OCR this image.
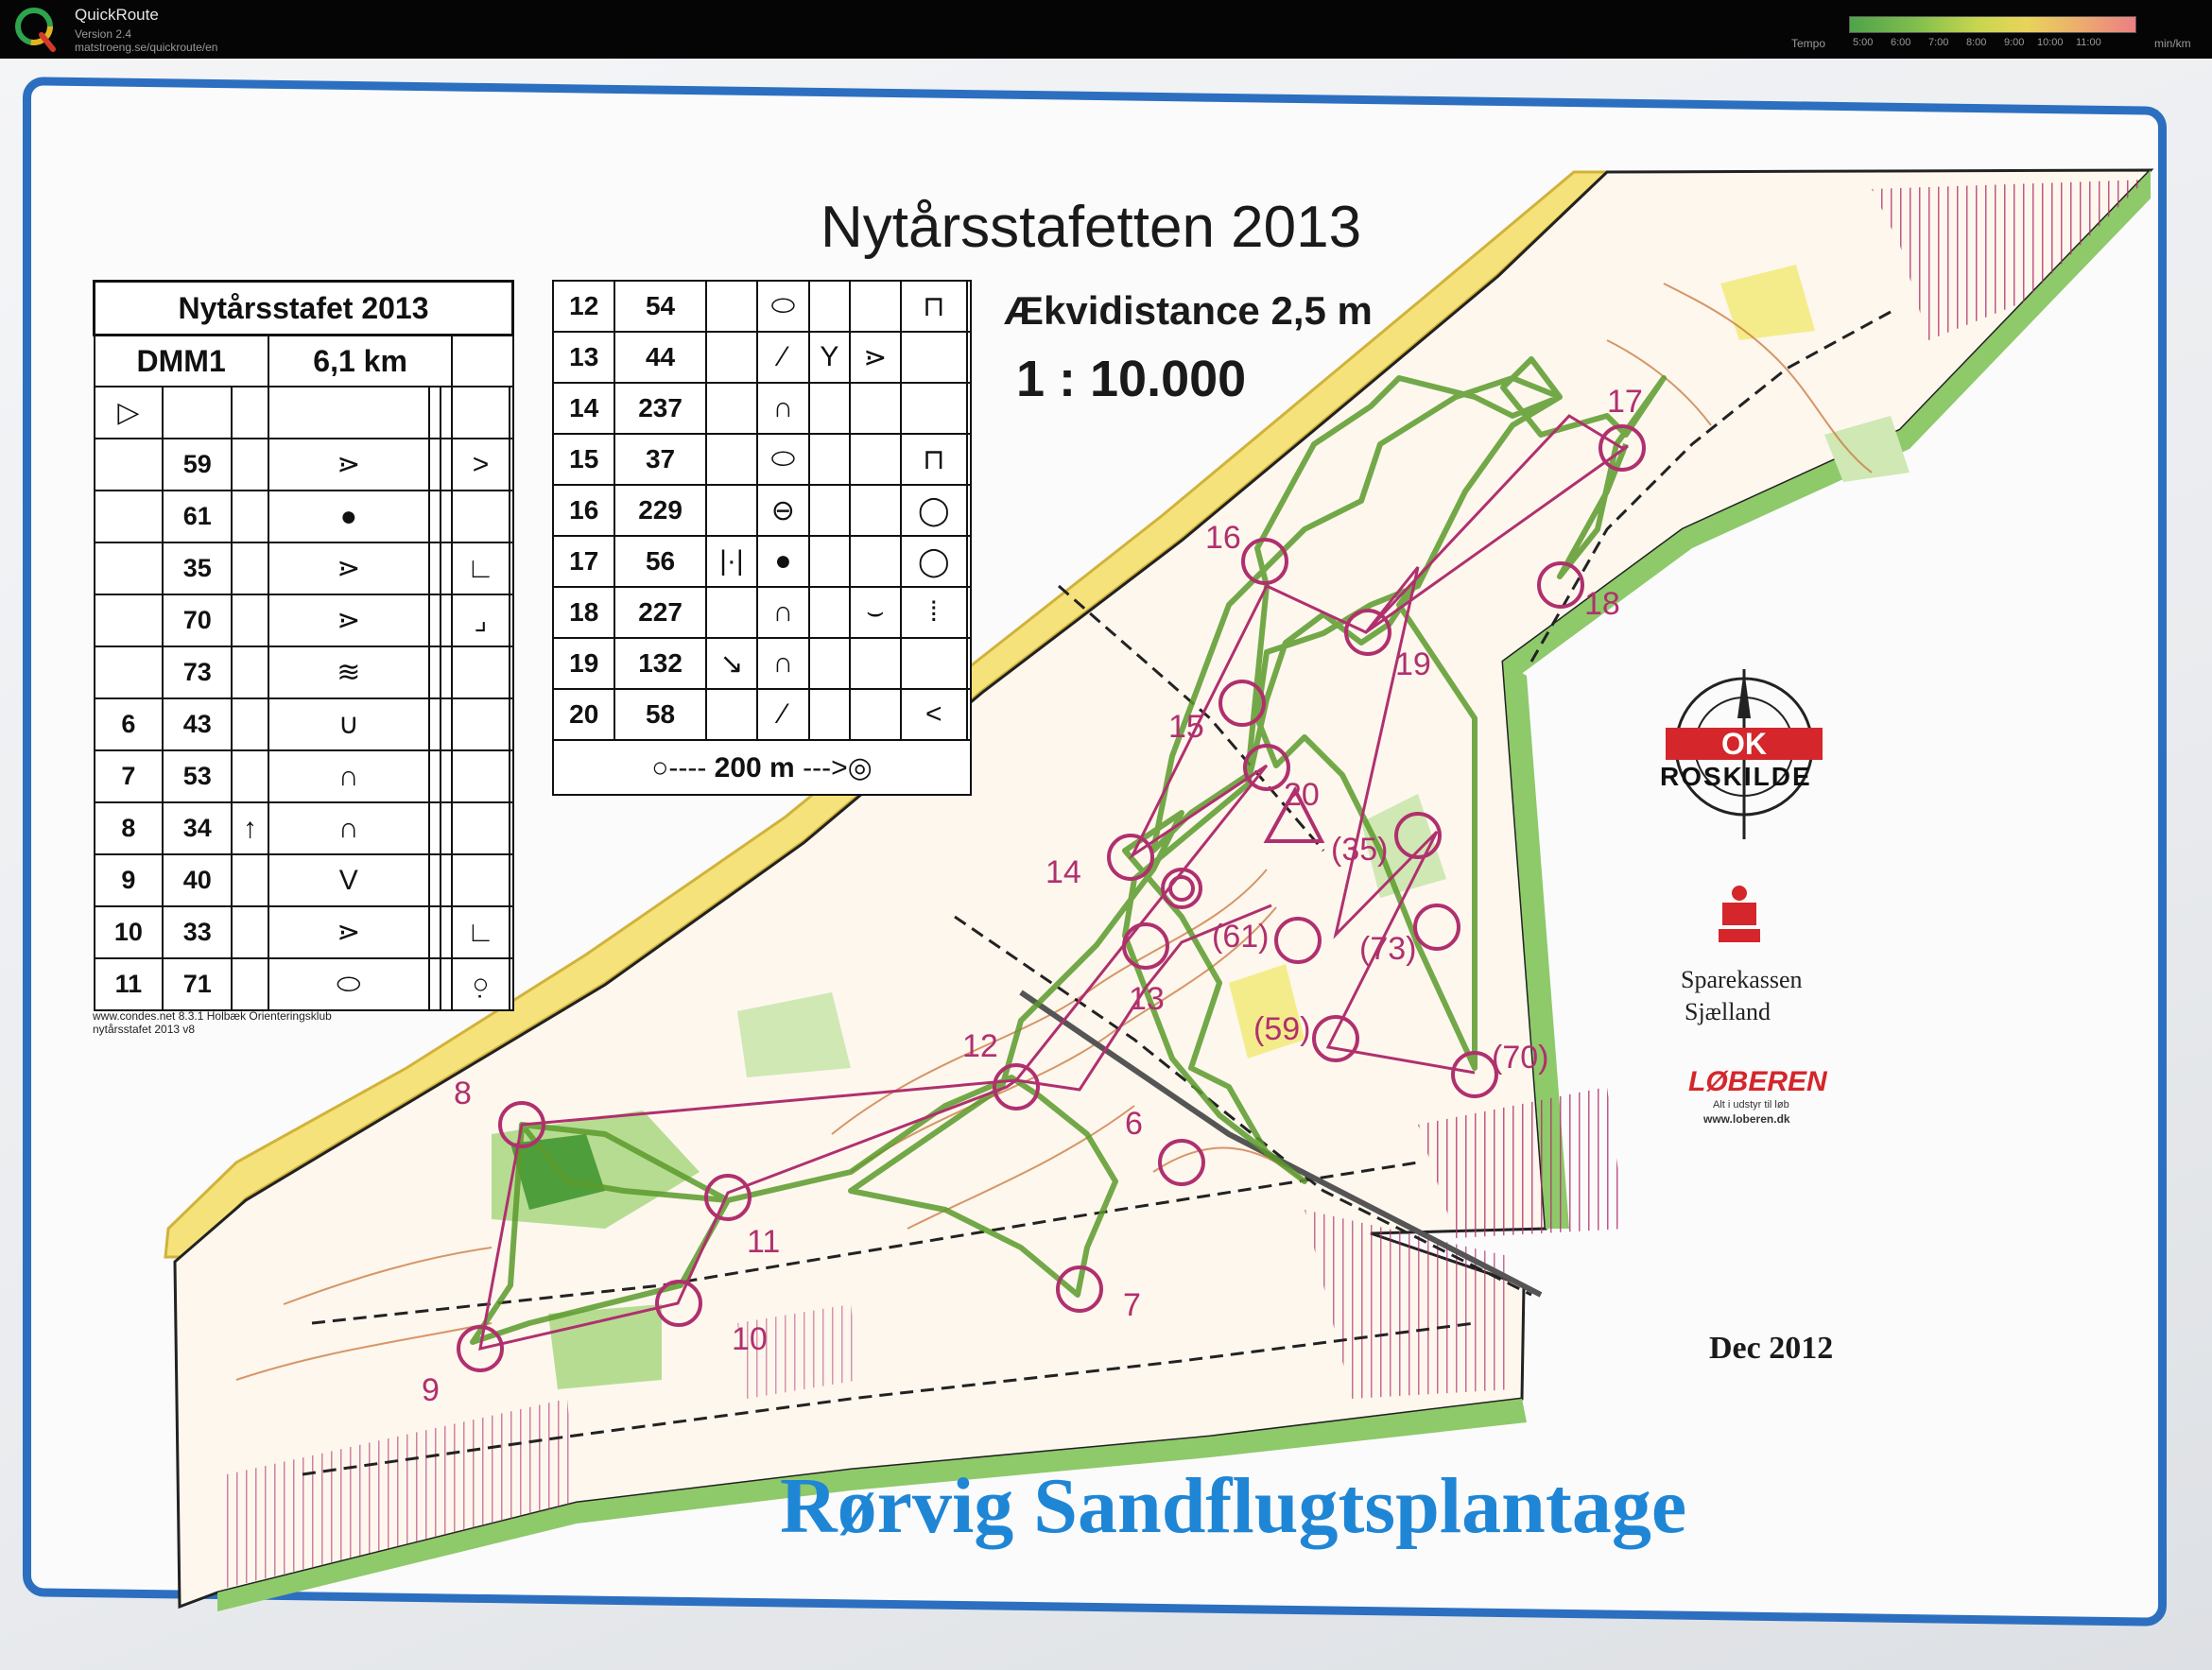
QuickRoute
Version 2.4
matstroeng.se/quickroute/en	Tempo	5:00 6:00 7:00 8:00 9:00 10:00 11:00	min/km
6
7
8
9
10
11
12
13
14
15
16
17
18
19
20
(35)
(59)
(61)
(70)
(73)
Nytårsstafetten 2013
Ækvidistance 2,5 m
1 : 10.000
Rørvig Sandflugtsplantage
Dec 2012
Nytårsstafet 2013							
DMM1			6,1 km				
▷							
	59		⋗			>	
	61		●				
	35		⋗			∟	
	70		⋗			⌟	
	73		≋				
6	43		∪				
7	53		∩				
8	34	↑	∩				
9	40		V				
10	33		⋗			∟	
11	71		⬭			○̣	
www.condes.net 8.3.1 Holbæk Orienteringsklub
nytårsstafet 2013 v8
12	54		⬭			⊓	
13	44		⁄	Y	⋗		
14	237		∩				
15	37		⬭			⊓	
16	229		⊖			◯	
17	56	|·|	●			◯	
18	227		∩		⌣	⁞	
19	132	↘	∩				
20	58		⁄			<	
○---- 200 m --->◎							
OK
ROSKILDE
Sparekassen
Sjælland
LØBEREN
Alt i udstyr til løb
www.loberen.dk
